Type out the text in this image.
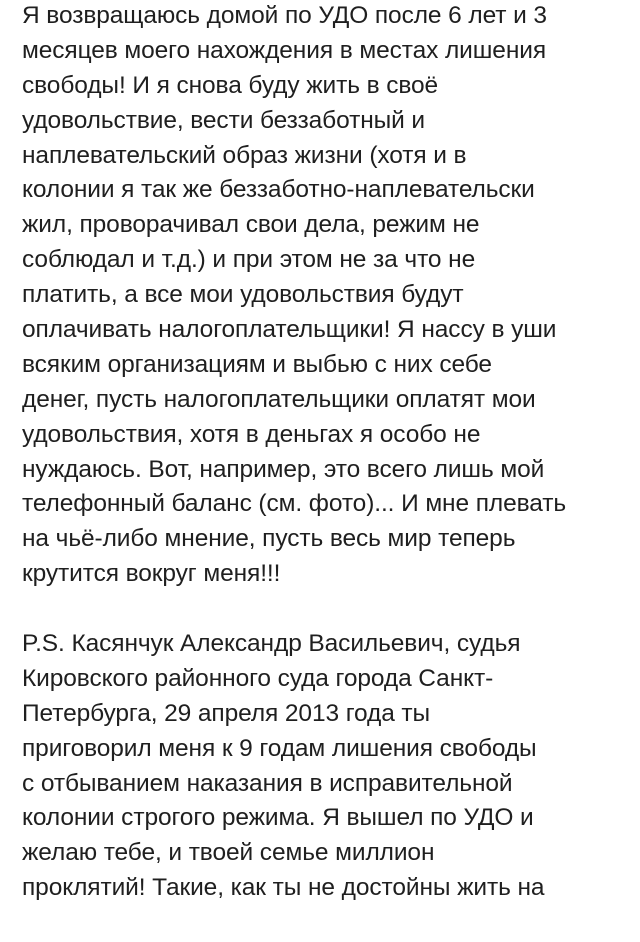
Я возвращаюсь домой по УДО после 6 лет и 3
месяцев моего нахождения в местах лишения
свободы! И я снова буду жить в своё
удовольствие, вести беззаботный и
наплевательский образ жизни (хотя и в
колонии я так же беззаботно-наплевательски
жил, проворачивал свои дела, режим не
соблюдал и т.д.) и при этом не за что не
платить, а все мои удовольствия будут
оплачивать налогоплательщики! Я нассу в уши
всяким организациям и выбью с них себе
денег, пусть налогоплательщики оплатят мои
удовольствия, хотя в деньгах я особо не
нуждаюсь. Вот, например, это всего лишь мой
телефонный баланс (см. фото)... И мне плевать
на чьё-либо мнение, пусть весь мир теперь
крутится вокруг меня!!!
P.S. Касянчук Александр Васильевич, судья
Кировского районного суда города Санкт-
Петербурга, 29 апреля 2013 года ты
приговорил меня к 9 годам лишения свободы
с отбыванием наказания в исправительной
колонии строгого режима. Я вышел по УДО и
желаю тебе, и твоей семье миллион
проклятий! Такие, как ты не достойны жить на
